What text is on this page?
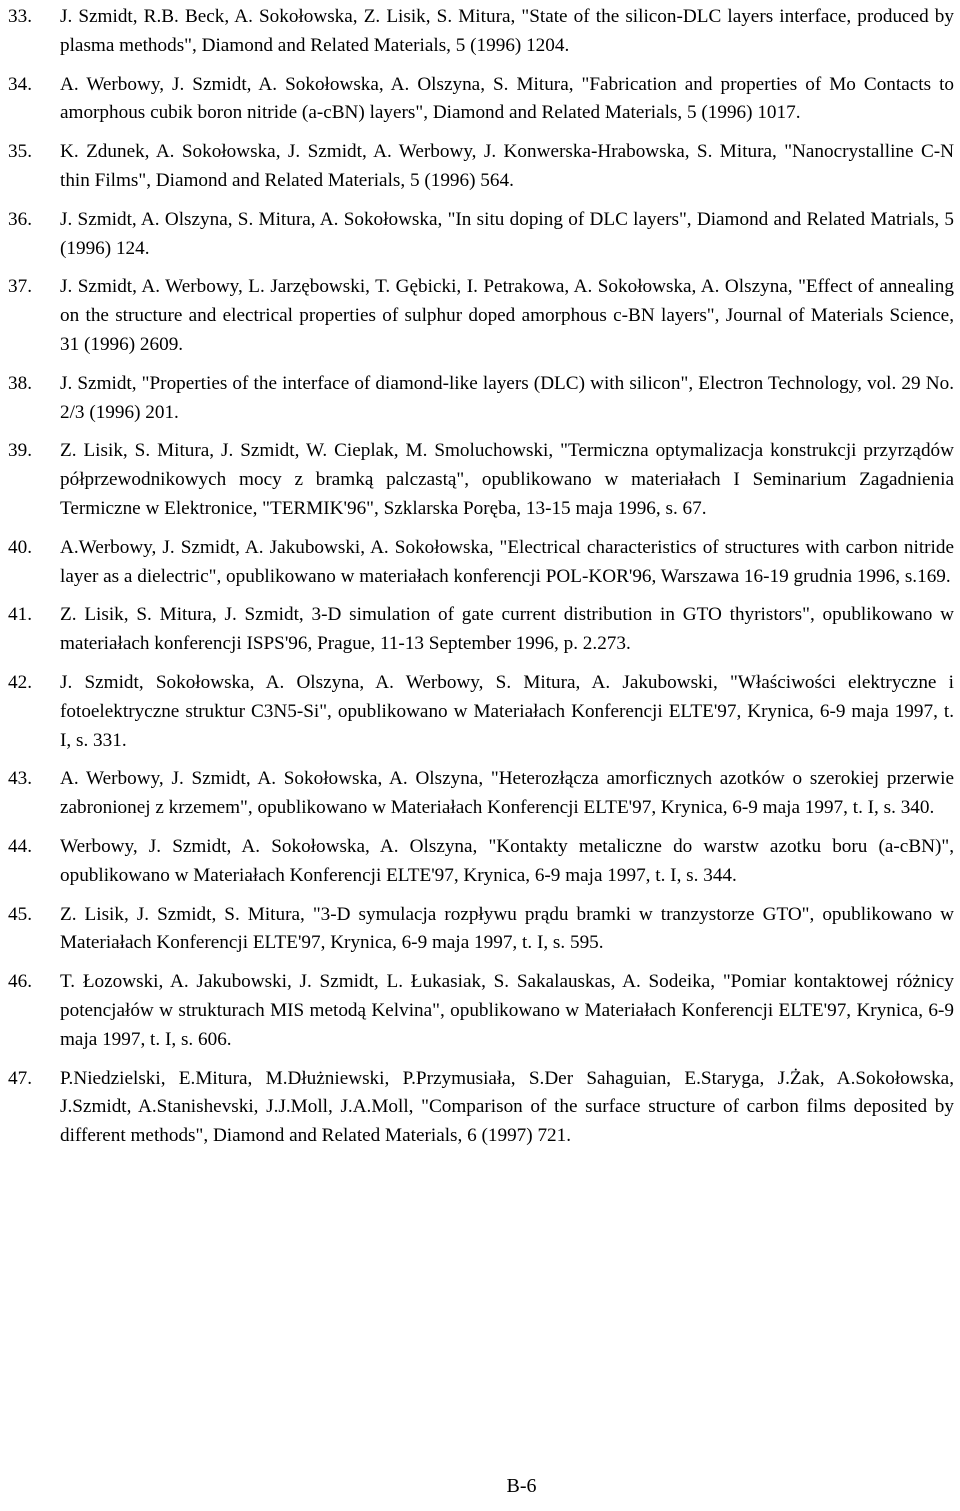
33.	J. Szmidt, R.B. Beck, A. Sokołowska, Z. Lisik, S. Mitura, "State of the silicon-DLC layers interface, produced by plasma methods", Diamond and Related Materials, 5 (1996) 1204.
34.	A. Werbowy, J. Szmidt, A. Sokołowska, A. Olszyna, S. Mitura, "Fabrication and properties of Mo Contacts to amorphous cubik boron nitride (a-cBN) layers", Diamond and Related Materials, 5 (1996) 1017.
35.	K. Zdunek, A. Sokołowska, J. Szmidt, A. Werbowy, J. Konwerska-Hrabowska, S. Mitura, "Nanocrystalline C-N thin Films", Diamond and Related Materials, 5 (1996) 564.
36.	J. Szmidt, A. Olszyna, S. Mitura, A. Sokołowska, "In situ doping of DLC layers", Diamond and Related Matrials, 5 (1996) 124.
37.	J. Szmidt, A. Werbowy, L. Jarzębowski, T. Gębicki, I. Petrakowa, A. Sokołowska, A. Olszyna, "Effect of annealing on the structure and electrical properties of sulphur doped amorphous c-BN layers", Journal of Materials Science, 31 (1996) 2609.
38.	J. Szmidt, "Properties of the interface of diamond-like layers (DLC) with silicon", Electron Technology, vol. 29 No. 2/3 (1996) 201.
39.	Z. Lisik, S. Mitura, J. Szmidt, W. Cieplak, M. Smoluchowski, "Termiczna optymalizacja konstrukcji przyrządów półprzewodnikowych mocy z bramką palczastą", opublikowano w materiałach I Seminarium Zagadnienia Termiczne w Elektronice, "TERMIK'96", Szklarska Poręba, 13-15 maja 1996, s. 67.
40.	A.Werbowy, J. Szmidt, A. Jakubowski, A. Sokołowska, "Electrical characteristics of structures with carbon nitride layer as a dielectric", opublikowano w materiałach konferencji POL-KOR'96, Warszawa 16-19 grudnia 1996, s.169.
41.	Z. Lisik, S. Mitura, J. Szmidt, 3-D simulation of gate current distribution in GTO thyristors", opublikowano w materiałach konferencji ISPS'96, Prague, 11-13 September 1996, p. 2.273.
42.	J. Szmidt, Sokołowska, A. Olszyna, A. Werbowy, S. Mitura, A. Jakubowski, "Właściwości elektryczne i fotoelektryczne struktur C3N5-Si", opublikowano w Materiałach Konferencji ELTE'97, Krynica, 6-9 maja 1997, t. I, s. 331.
43.	A. Werbowy, J. Szmidt, A. Sokołowska, A. Olszyna, "Heterozłącza amorficznych azotków o szerokiej przerwie zabronionej z krzemem", opublikowano w Materiałach Konferencji ELTE'97, Krynica, 6-9 maja 1997, t. I, s. 340.
44.	Werbowy, J. Szmidt, A. Sokołowska, A. Olszyna, "Kontakty metaliczne do warstw azotku boru (a-cBN)", opublikowano w Materiałach Konferencji ELTE'97, Krynica, 6-9 maja 1997, t. I, s. 344.
45.	Z. Lisik, J. Szmidt, S. Mitura, "3-D symulacja rozpływu prądu bramki w tranzystorze GTO", opublikowano w Materiałach Konferencji ELTE'97, Krynica, 6-9 maja 1997, t. I, s. 595.
46.	T. Łozowski, A. Jakubowski, J. Szmidt, L. Łukasiak, S. Sakalauskas, A. Sodeika, "Pomiar kontaktowej różnicy potencjałów w strukturach MIS metodą Kelvina", opublikowano w Materiałach Konferencji ELTE'97, Krynica, 6-9 maja 1997, t. I, s. 606.
47.	P.Niedzielski, E.Mitura, M.Dłużniewski, P.Przymusiała, S.Der Sahaguian, E.Staryga, J.Żak, A.Sokołowska, J.Szmidt, A.Stanishevski, J.J.Moll, J.A.Moll, "Comparison of the surface structure of carbon films deposited by different methods", Diamond and Related Materials, 6 (1997) 721.
B-6
